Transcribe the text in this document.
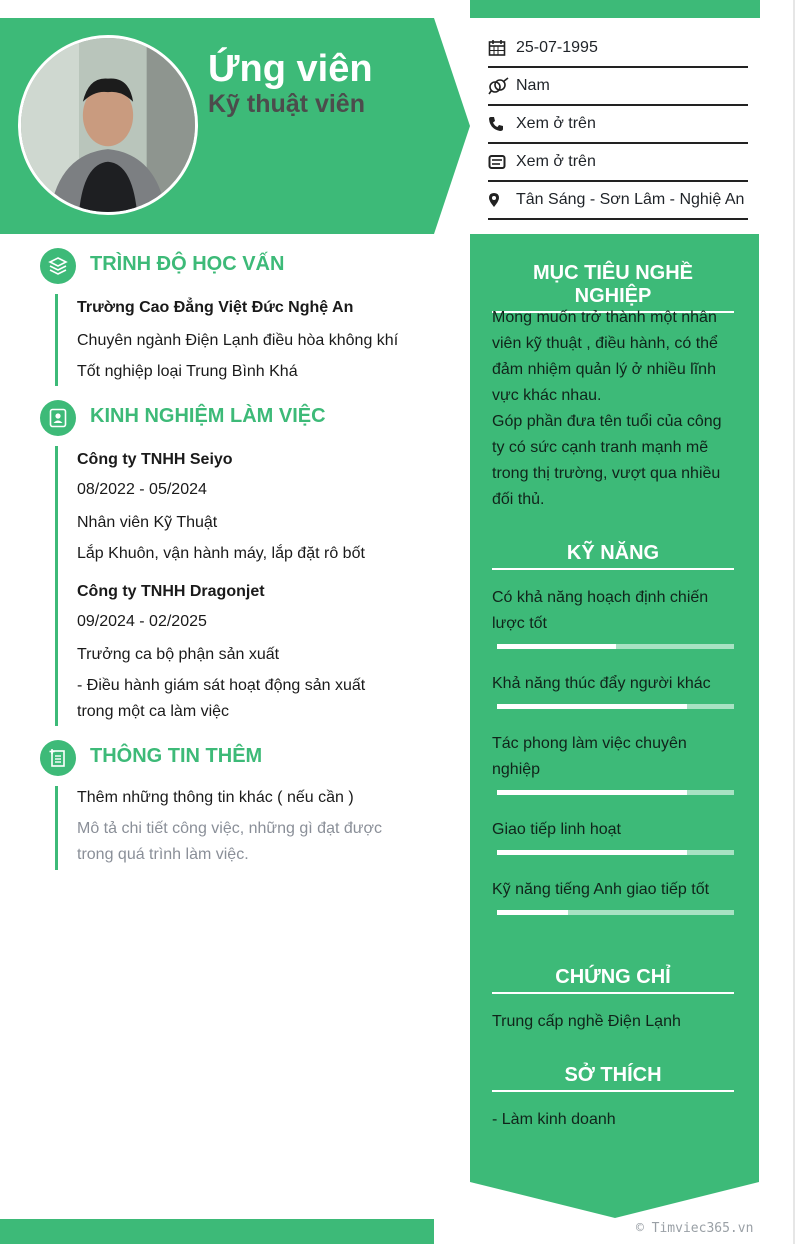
Ứng viên
Kỹ thuật viên
25-07-1995
Nam
Xem ở trên
Xem ở trên
Tân Sáng - Sơn Lâm - Nghiệ An
MỤC TIÊU NGHỀ NGHIỆP
Mong muốn trở thành một nhân viên kỹ thuật , điều hành, có thể đảm nhiệm quản lý ở nhiều lĩnh vực khác nhau.
Góp phần đưa tên tuổi của công ty có sức cạnh tranh mạnh mẽ trong thị trường, vượt qua nhiều đối thủ.
KỸ NĂNG
Có khả năng hoạch định chiến lược tốt
Khả năng thúc đẩy người khác
Tác phong làm việc chuyên nghiệp
Giao tiếp linh hoạt
Kỹ năng tiếng Anh giao tiếp tốt
CHỨNG CHỈ
Trung cấp nghề Điện Lạnh
SỞ THÍCH
- Làm kinh doanh
TRÌNH ĐỘ HỌC VẤN
Trường Cao Đẳng Việt Đức Nghệ An
Chuyên ngành Điện Lạnh điều hòa không khí
Tốt nghiệp loại Trung Bình Khá
KINH NGHIỆM LÀM VIỆC
Công ty TNHH Seiyo
08/2022 - 05/2024
Nhân viên Kỹ Thuật
Lắp Khuôn, vận hành máy, lắp đặt rô bốt
Công ty TNHH Dragonjet
09/2024 - 02/2025
Trưởng ca bộ phận sản xuất
- Điều hành giám sát hoạt động sản xuất trong một ca làm việc
THÔNG TIN THÊM
Thêm những thông tin khác ( nếu cần )
Mô tả chi tiết công việc, những gì đạt được trong quá trình làm việc.
© Timviec365.vn
